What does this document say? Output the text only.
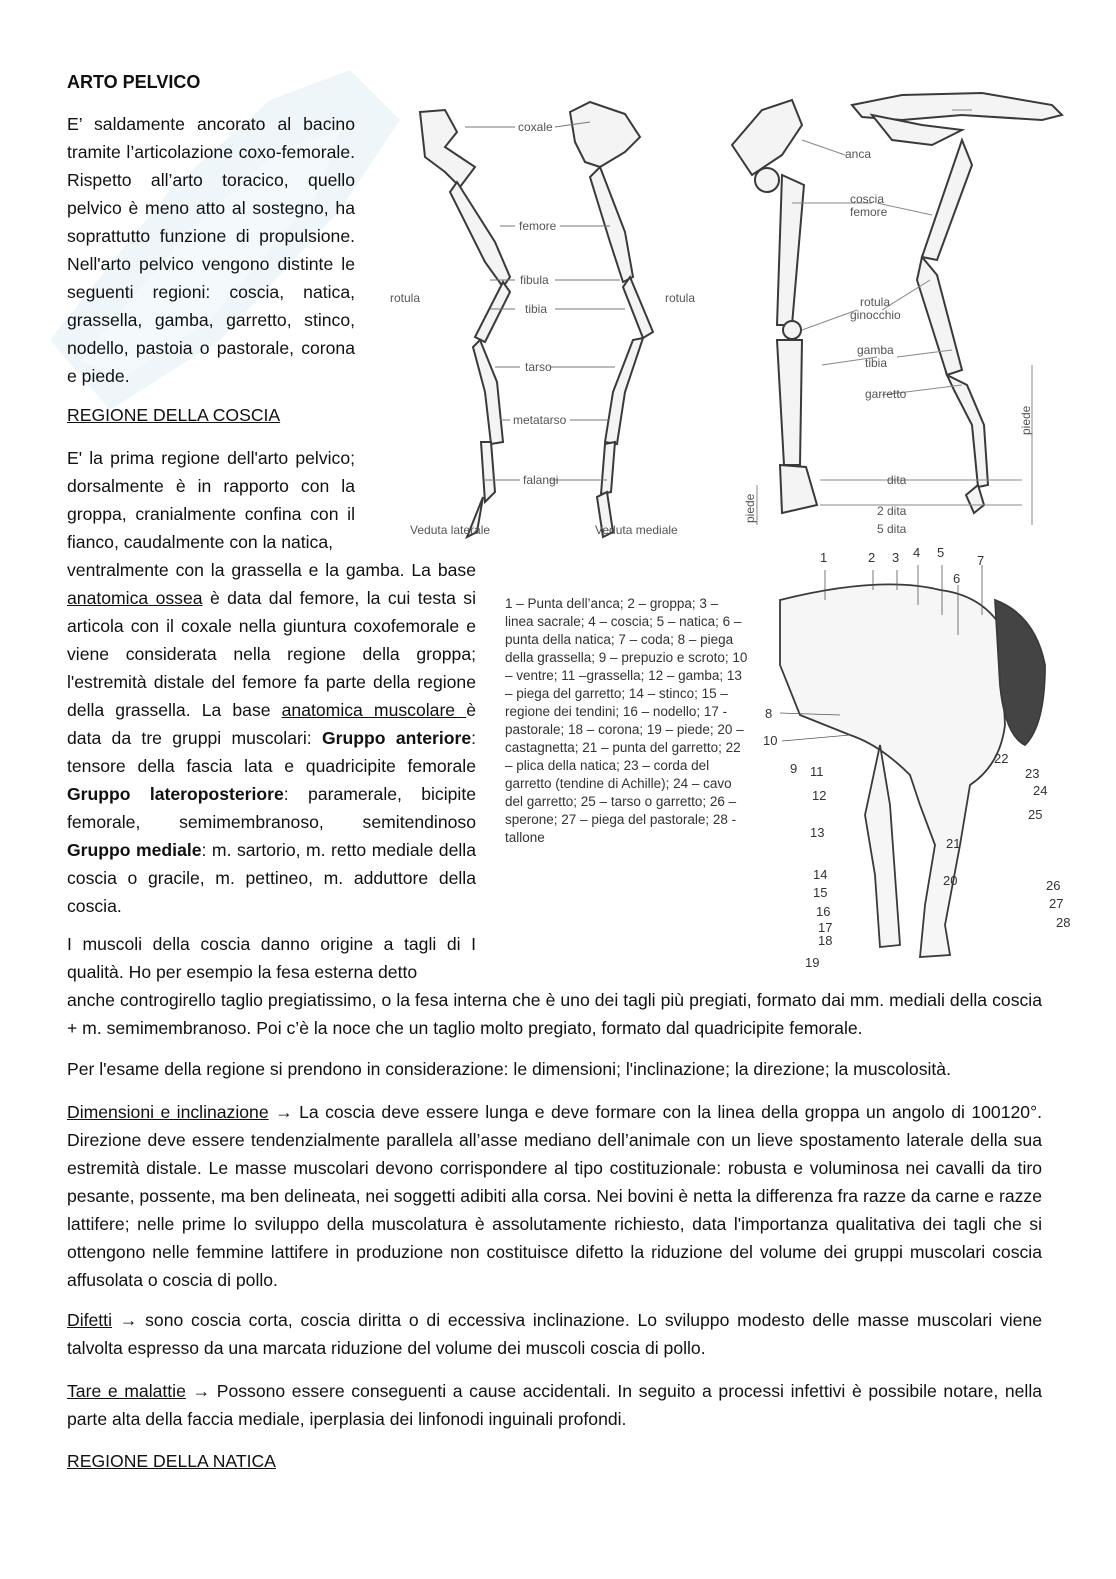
ARTO PELVICO
E’ saldamente ancorato al bacino tramite l’articolazione coxo-femorale. Rispetto all’arto toracico, quello pelvico è meno atto al sostegno, ha soprattutto funzione di propulsione. Nell'arto pelvico vengono distinte le seguenti regioni: coscia, natica, grassella, gamba, garretto, stinco, nodello, pastoia o pastorale, corona e piede.
REGIONE DELLA COSCIA
E' la prima regione dell'arto pelvico; dorsalmente è in rapporto con la groppa, cranialmente confina con il fianco, caudalmente con la natica,
ventralmente con la grassella e la gamba. La base anatomica ossea è data dal femore, la cui testa si articola con il coxale nella giuntura coxofemorale e viene considerata nella regione della groppa; l'estremità distale del femore fa parte della regione della grassella. La base anatomica muscolare è data da tre gruppi muscolari: Gruppo anteriore: tensore della fascia lata e quadricipite femorale Gruppo lateroposteriore: paramerale, bicipite femorale, semimembranoso, semitendinoso Gruppo mediale: m. sartorio, m. retto mediale della coscia o gracile, m. pettineo, m. adduttore della coscia.
I muscoli della coscia danno origine a tagli di I qualità. Ho per esempio la fesa esterna detto
anche controgirello taglio pregiatissimo, o la fesa interna che è uno dei tagli più pregiati, formato dai mm. mediali della coscia + m. semimembranoso. Poi c’è la noce che un taglio molto pregiato, formato dal quadricipite femorale.
Per l'esame della regione si prendono in considerazione: le dimensioni; l'inclinazione; la direzione; la muscolosità.
Dimensioni e inclinazione → La coscia deve essere lunga e deve formare con la linea della groppa un angolo di 100120°. Direzione deve essere tendenzialmente parallela all’asse mediano dell’animale con un lieve spostamento laterale della sua estremità distale. Le masse muscolari devono corrispondere al tipo costituzionale: robusta e voluminosa nei cavalli da tiro pesante, possente, ma ben delineata, nei soggetti adibiti alla corsa. Nei bovini è netta la differenza fra razze da carne e razze lattifere; nelle prime lo sviluppo della muscolatura è assolutamente richiesto, data l'importanza qualitativa dei tagli che si ottengono nelle femmine lattifere in produzione non costituisce difetto la riduzione del volume dei gruppi muscolari coscia affusolata o coscia di pollo.
Difetti → sono coscia corta, coscia diritta o di eccessiva inclinazione. Lo sviluppo modesto delle masse muscolari viene talvolta espresso da una marcata riduzione del volume dei muscoli coscia di pollo.
Tare e malattie → Possono essere conseguenti a cause accidentali. In seguito a processi infettivi è possibile notare, nella parte alta della faccia mediale, iperplasia dei linfonodi inguinali profondi.
REGIONE DELLA NATICA
coxale
femore
fibula
tibia
rotula	rotula
tarso
metatarso
falangi
Veduta laterale	Veduta mediale
anca
coscia
femore
rotula
ginocchio
gamba
tibia
garretto
piede
piede
dita
2 dita
5 dita
1 – Punta dell’anca; 2 – groppa; 3 – linea sacrale; 4 – coscia; 5 – natica; 6 – punta della natica; 7 – coda; 8 – piega della grassella; 9 – prepuzio e scroto; 10 – ventre; 11 –grassella; 12 – gamba; 13 – piega del garretto; 14 – stinco; 15 – regione dei tendini; 16 – nodello; 17 - pastorale; 18 – corona; 19 – piede; 20 – castagnetta; 21 – punta del garretto; 22 – plica della natica; 23 – corda del garretto (tendine di Achille); 24 – cavo del garretto; 25 – tarso o garretto; 26 – sperone; 27 – piega del pastorale; 28 - tallone
1	2 3 4 5
6
7
8
10
9 11
12
13
14
15
16
17
18
19
20
21
22
23
24
25
26
27
28
